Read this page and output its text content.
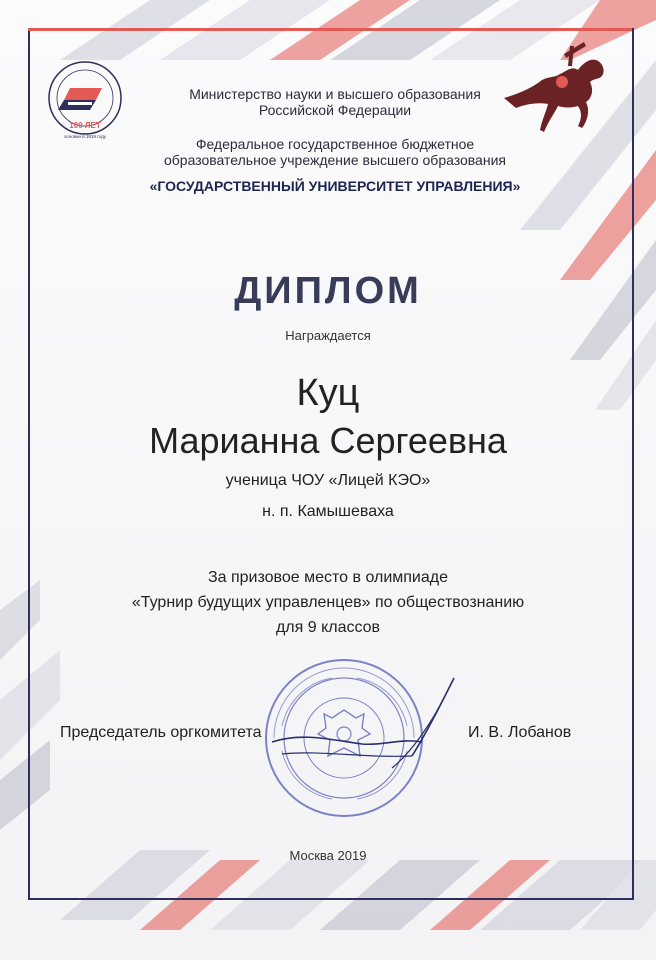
100 ЛЕТ
основан в 1919 году
Министерство науки и высшего образования
Российской Федерации
Федеральное государственное бюджетное
образовательное учреждение высшего образования
«ГОСУДАРСТВЕННЫЙ УНИВЕРСИТЕТ УПРАВЛЕНИЯ»
ДИПЛОМ
Награждается
Куц
Марианна Сергеевна
ученица ЧОУ «Лицей КЭО»
н. п. Камышеваха
За призовое место в олимпиаде
«Турнир будущих управленцев» по обществознанию
для 9 классов
Председатель оргкомитета	И. В. Лобанов
Москва 2019
